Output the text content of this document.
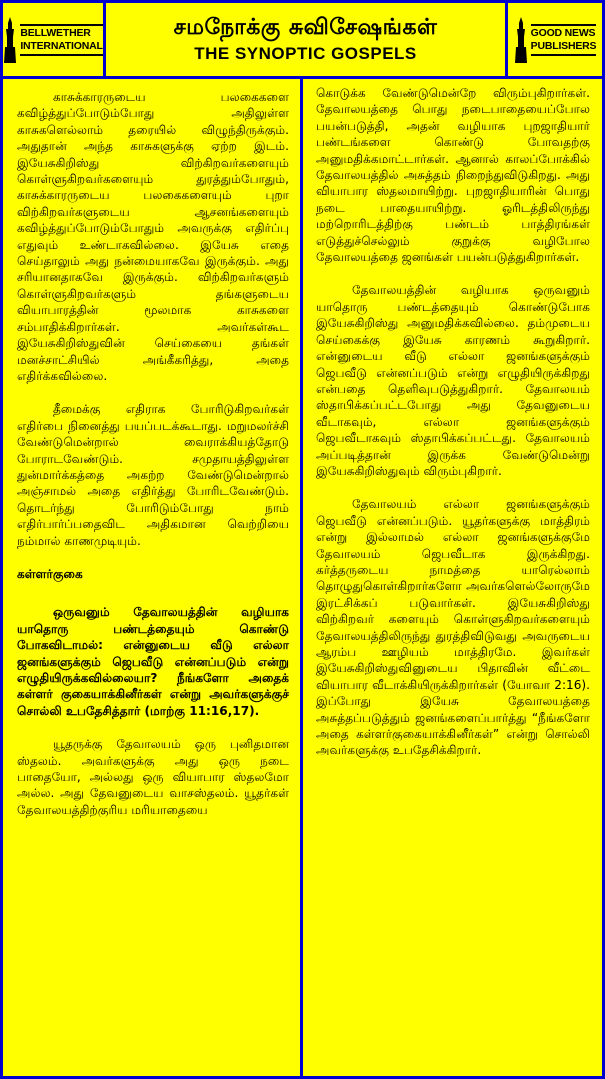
BELLWETHER
INTERNATIONAL
சமநோக்கு சுவிசேஷங்கள்
THE SYNOPTIC GOSPELS
GOOD NEWS
PUBLISHERS

காசுக்காரருடைய பலகைகளை கவிழ்த்துப்போடும்போது அதிலுள்ள காசுகளெல்லாம் தரையில் விழுந்திருக்கும். அதுதான் அந்த காசுகளுக்கு ஏற்ற இடம். இயேசுகிறிஸ்து விற்கிறவர்களையும் கொள்ளுகிறவர்களையும் துரத்தும்போதும், காசுக்காரருடைய பலகைகளையும் புறா விற்கிறவர்களுடைய ஆசனங்களையும் கவிழ்த்துப்போடும்போதும் அவருக்கு எதிர்ப்பு எதுவும் உண்டாகவில்லை. இயேசு எதை செய்தாலும் அது நன்மையாகவே இருக்கும். அது சரியானதாகவே இருக்கும். விற்கிறவர்களும் கொள்ளுகிறவர்களும் தங்களுடைய வியாபாரத்தின் மூலமாக காசுகளை சம்பாதிக்கிறார்கள். அவர்கள்கூட இயேசுகிறிஸ்துவின் செய்கையை தங்கள் மனச்சாட்சியில் அங்கீகரித்து, அதை எதிர்க்கவில்லை.

தீமைக்கு எதிராக போரிடுகிறவர்கள் எதிர்பை நினைத்து பயப்படக்கூடாது. மறுமலர்ச்சி வேண்டுமென்றால் வைராக்கியத்தோடு போராடவேண்டும். சமுதாயத்திலுள்ள துன்மார்க்கத்தை அகற்ற வேண்டுமென்றால் அஞ்சாமல் அதை எதிர்த்து போரிடவேண்டும். தொடர்ந்து போரிடும்போது நாம் எதிர்பார்ப்பதைவிட அதிகமான வெற்றியை நம்மால் காணமுடியும்.

கள்ளர்குகை

ஒருவனும் தேவாலயத்தின் வழியாக யாதொரு பண்டத்தையும் கொண்டு போகவிடாமல்: என்னுடைய வீடு எல்லா ஜனங்களுக்கும் ஜெபவீடு என்னப்படும் என்று எழுதியிருக்கவில்லையா? நீங்களோ அதைக் கள்ளர் குகையாக்கினீர்கள் என்று அவர்களுக்குச் சொல்லி உபதேசித்தார் (மாற்கு 11:16,17).

யூதருக்கு தேவாலயம் ஒரு புனிதமான ஸ்தலம். அவர்களுக்கு அது ஒரு நடை பாதையோ, அல்லது ஒரு வியாபார ஸ்தலமோ அல்ல. அது தேவனுடைய வாசஸ்தலம். யூதர்கள் தேவாலயத்திற்குரிய மரியாதையை

கொடுக்க வேண்டுமென்றே விரும்புகிறார்கள். தேவாலயத்தை பொது நடைபாதையைப்போல பயன்படுத்தி, அதன் வழியாக புறஜாதியார் பண்டங்களை கொண்டு போவதற்கு அனுமதிக்கமாட்டார்கள். ஆனால் காலப்போக்கில் தேவாலயத்தில் அசுத்தம் நிறைந்துவிடுகிறது. அது வியாபார ஸ்தலமாயிற்று. புறஜாதியாரின் பொது நடை பாதையாயிற்று. ஓரிடத்திலிருந்து மற்றொரிடத்திற்கு பண்டம் பாத்திரங்கள் எடுத்துச்செல்லும் குறுக்கு வழிபோல தேவாலயத்தை ஜனங்கள் பயன்படுத்துகிறார்கள்.

தேவாலயத்தின் வழியாக ஒருவனும் யாதொரு பண்டத்தையும் கொண்டுபோக இயேசுகிறிஸ்து அனுமதிக்கவில்லை. தம்முடைய செய்கைக்கு இயேசு காரணம் கூறுகிறார். என்னுடைய வீடு எல்லா ஜனங்களுக்கும் ஜெபவீடு என்னப்படும் என்று எழுதியிருக்கிறது என்பதை தெளிவுபடுத்துகிறார். தேவாலயம் ஸ்தாபிக்கப்பட்டபோது அது தேவனுடைய வீடாகவும், எல்லா ஜனங்களுக்கும் ஜெபவீடாகவும் ஸ்தாபிக்கப்பட்டது. தேவாலயம் அப்படித்தான் இருக்க வேண்டுமென்று இயேசுகிறிஸ்துவும் விரும்புகிறார்.

தேவாலயம் எல்லா ஜனங்களுக்கும் ஜெபவீடு என்னப்படும். யூதர்களுக்கு மாத்திரம் என்று இல்லாமல் எல்லா ஜனங்களுக்குமே தேவாலயம் ஜெபவீடாக இருக்கிறது. கர்த்தருடைய நாமத்தை யாரெல்லாம் தொழுதுகொள்கிறார்களோ அவர்களெல்லோருமே இரட்சிக்கப் படுவார்கள். இயேசுகிறிஸ்து விற்கிறவர் களையும் கொள்ளுகிறவர்களையும் தேவாலயத்திலிருந்து துரத்திவிடுவது அவருடைய ஆரம்ப ஊழியம் மாத்திரமே. இவர்கள் இயேசுகிறிஸ்துவினுடைய பிதாவின் வீட்டை வியாபார வீடாக்கியிருக்கிறார்கள் (யோவா 2:16). இப்போது இயேசு தேவாலயத்தை அசுத்தப்படுத்தும் ஜனங்களைப்பார்த்து “நீங்களோ அதை கள்ளர்குகையாக்கினீர்கள்” என்று சொல்லி அவர்களுக்கு உபதேசிக்கிறார்.
